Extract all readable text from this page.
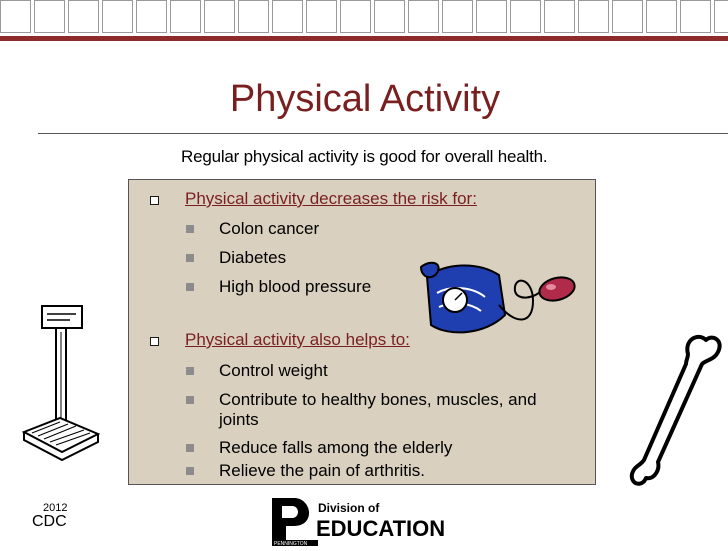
Physical Activity
Regular physical activity is good for overall health.
Physical activity decreases the risk for:
Colon cancer
Diabetes
High blood pressure
Physical activity also helps to:
Control weight
Contribute to healthy bones, muscles, and
joints
Reduce falls among the elderly
Relieve the pain of arthritis.
2012
CDC
Division of
EDUCATION
PENNINGTON
